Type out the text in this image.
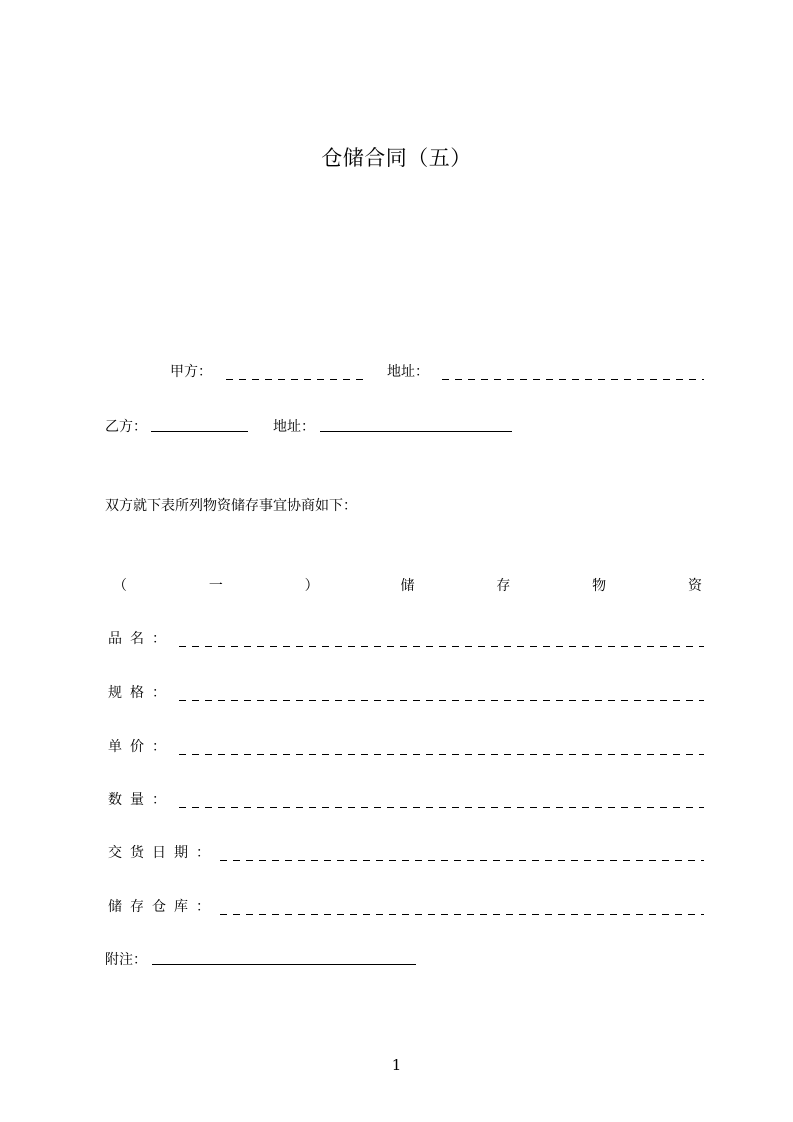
仓储合同（五）
甲方：	地址：
乙方：	地址：
双方就下表所列物资储存事宜协商如下：
（	一	）	储	存	物	资
品名：
规格：
单价：
数量：
交货日期：
储存仓库：
附注：
1
